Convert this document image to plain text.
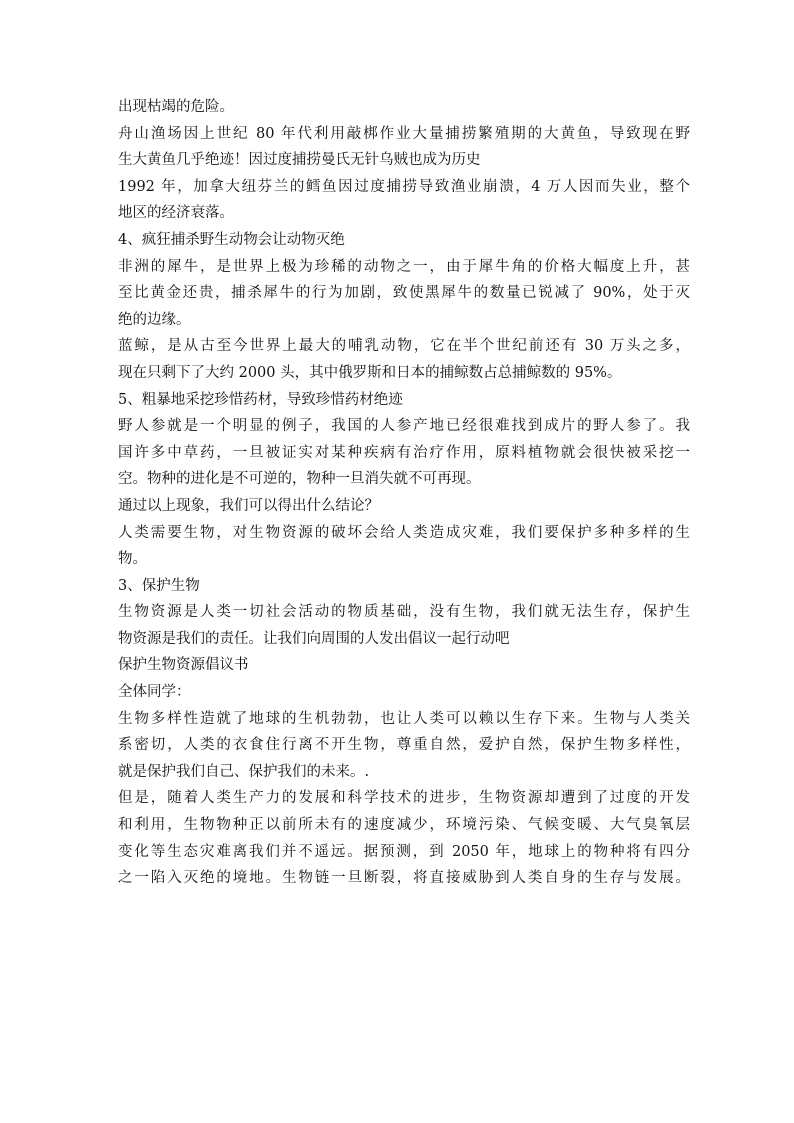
出现枯竭的危险。
舟山渔场因上世纪 80 年代利用敲梆作业大量捕捞繁殖期的大黄鱼，导致现在野
生大黄鱼几乎绝迹！因过度捕捞曼氏无针乌贼也成为历史
1992 年，加拿大纽芬兰的鳕鱼因过度捕捞导致渔业崩溃，4 万人因而失业，整个
地区的经济衰落。
4、疯狂捕杀野生动物会让动物灭绝
非洲的犀牛，是世界上极为珍稀的动物之一，由于犀牛角的价格大幅度上升，甚
至比黄金还贵，捕杀犀牛的行为加剧，致使黑犀牛的数量已锐减了 90%，处于灭
绝的边缘。
蓝鲸，是从古至今世界上最大的哺乳动物，它在半个世纪前还有 30 万头之多，
现在只剩下了大约 2000 头，其中俄罗斯和日本的捕鲸数占总捕鲸数的 95%。
5、粗暴地采挖珍惜药材，导致珍惜药材绝迹
野人参就是一个明显的例子，我国的人参产地已经很难找到成片的野人参了。我
国许多中草药，一旦被证实对某种疾病有治疗作用，原料植物就会很快被采挖一
空。物种的进化是不可逆的，物种一旦消失就不可再现。
通过以上现象，我们可以得出什么结论？
人类需要生物，对生物资源的破坏会给人类造成灾难，我们要保护多种多样的生
物。
3、保护生物
生物资源是人类一切社会活动的物质基础，没有生物，我们就无法生存，保护生
物资源是我们的责任。让我们向周围的人发出倡议一起行动吧
保护生物资源倡议书
全体同学：
生物多样性造就了地球的生机勃勃，也让人类可以赖以生存下来。生物与人类关
系密切，人类的衣食住行离不开生物，尊重自然，爱护自然，保护生物多样性，
就是保护我们自己、保护我们的未来。.
但是，随着人类生产力的发展和科学技术的进步，生物资源却遭到了过度的开发
和利用，生物物种正以前所未有的速度减少，环境污染、气候变暖、大气臭氧层
变化等生态灾难离我们并不遥远。据预测，到 2050 年，地球上的物种将有四分
之一陷入灭绝的境地。生物链一旦断裂，将直接威胁到人类自身的生存与发展。
